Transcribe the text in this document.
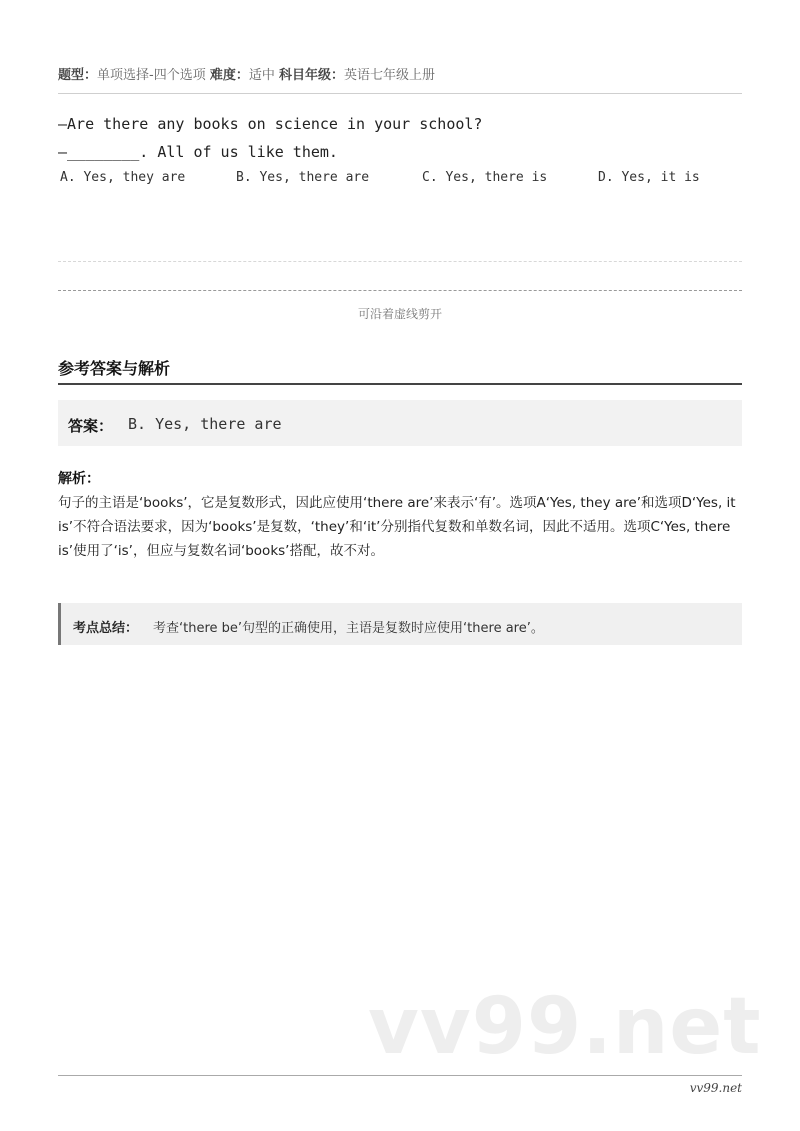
题型：单项选择-四个选项 难度：适中 科目年级：英语七年级上册
—Are there any books on science in your school?
—________. All of us like them.
A. Yes, they are	B. Yes, there are	C. Yes, there is	D. Yes, it is
可沿着虚线剪开
参考答案与解析
答案： B. Yes, there are
解析：
句子的主语是‘books’，它是复数形式，因此应使用‘there are’来表示‘有’。选项A‘Yes, they are’和选项D‘Yes, it is’不符合语法要求，因为‘books’是复数，‘they’和‘it’分别指代复数和单数名词，因此不适用。选项C‘Yes, there is’使用了‘is’，但应与复数名词‘books’搭配，故不对。
考点总结： 考查‘there be’句型的正确使用，主语是复数时应使用‘there are’。
vv99.net
vv99.net
